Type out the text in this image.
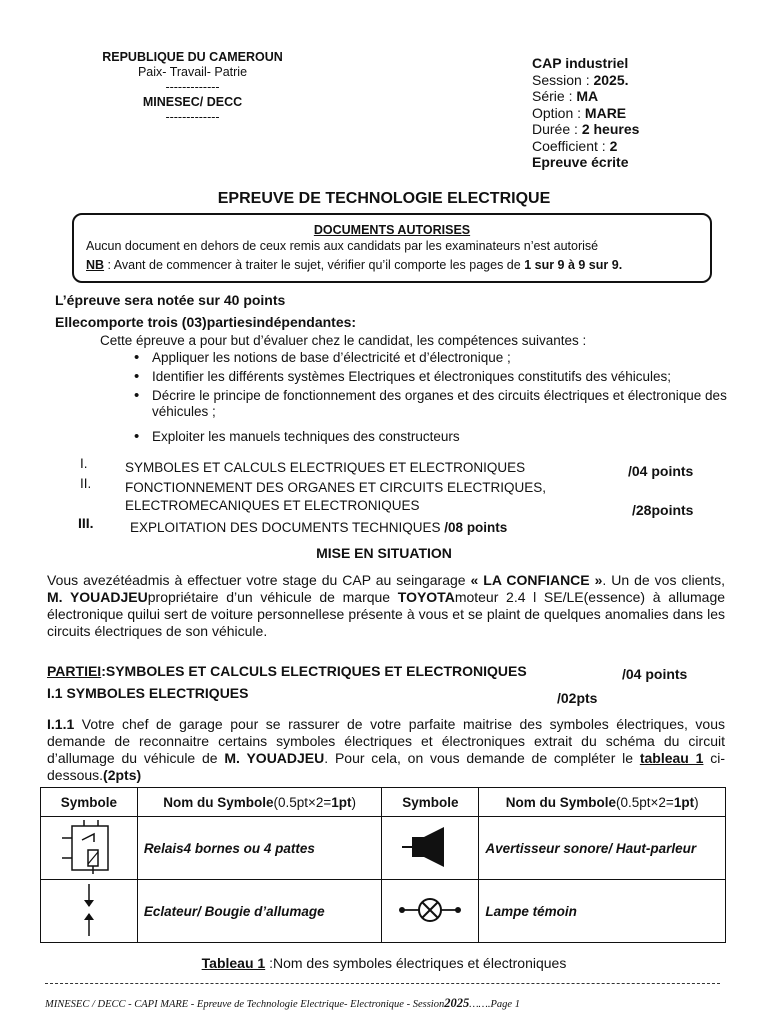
REPUBLIQUE DU CAMEROUN
Paix- Travail- Patrie
-------------
MINESEC/ DECC
-------------
CAP industriel
Session : 2025.
Série : MA
Option : MARE
Durée : 2 heures
Coefficient : 2
Epreuve écrite
EPREUVE DE TECHNOLOGIE ELECTRIQUE
DOCUMENTS AUTORISES
Aucun document en dehors de ceux remis aux candidats par les examinateurs n’est autorisé
NB : Avant de commencer à traiter le sujet, vérifier qu’il comporte les pages de 1 sur 9 à 9 sur 9.
L’épreuve sera notée sur 40 points
Ellecomporte trois (03)partiesindépendantes:
Cette épreuve a pour but d’évaluer chez le candidat, les compétences suivantes :
• Appliquer les notions de base d’électricité et d’électronique ;
• Identifier les différents systèmes Electriques et électroniques constitutifs des véhicules;
• Décrire le principe de fonctionnement des organes et des circuits électriques et électronique des véhicules ;
• Exploiter les manuels techniques des constructeurs
I.	SYMBOLES ET CALCULS ELECTRIQUES ET ELECTRONIQUES	/04 points
II. FONCTIONNEMENT DES ORGANES ET CIRCUITS ELECTRIQUES,
ELECTROMECANIQUES ET ELECTRONIQUES	/28points
III.	EXPLOITATION DES DOCUMENTS TECHNIQUES /08 points
MISE EN SITUATION
Vous avezétéadmis à effectuer votre stage du CAP au seingarage « LA CONFIANCE ». Un de vos clients, M. YOUADJEUpropriétaire d’un véhicule de marque TOYOTAmoteur 2.4 l SE/LE(essence) à allumage électronique quilui sert de voiture personnellese présente à vous et se plaint de quelques anomalies dans les circuits électriques de son véhicule.
PARTIEI:SYMBOLES ET CALCULS ELECTRIQUES ET ELECTRONIQUES	/04 points
I.1 SYMBOLES ELECTRIQUES	/02pts
I.1.1 Votre chef de garage pour se rassurer de votre parfaite maitrise des symboles électriques, vous demande de reconnaitre certains symboles électriques et électroniques extrait du schéma du circuit d’allumage du véhicule de M. YOUADJEU. Pour cela, on vous demande de compléter le tableau 1 ci-dessous.(2pts)
Symbole	Nom du Symbole(0.5pt×2=1pt)	Symbole	Nom du Symbole(0.5pt×2=1pt)
	Relais4 bornes ou 4 pattes		Avertisseur sonore/ Haut-parleur
	Eclateur/ Bougie d’allumage		Lampe témoin
Tableau 1 :Nom des symboles électriques et électroniques
MINESEC / DECC - CAPI MARE - Epreuve de Technologie Electrique- Electronique - Session2025…….Page 1
